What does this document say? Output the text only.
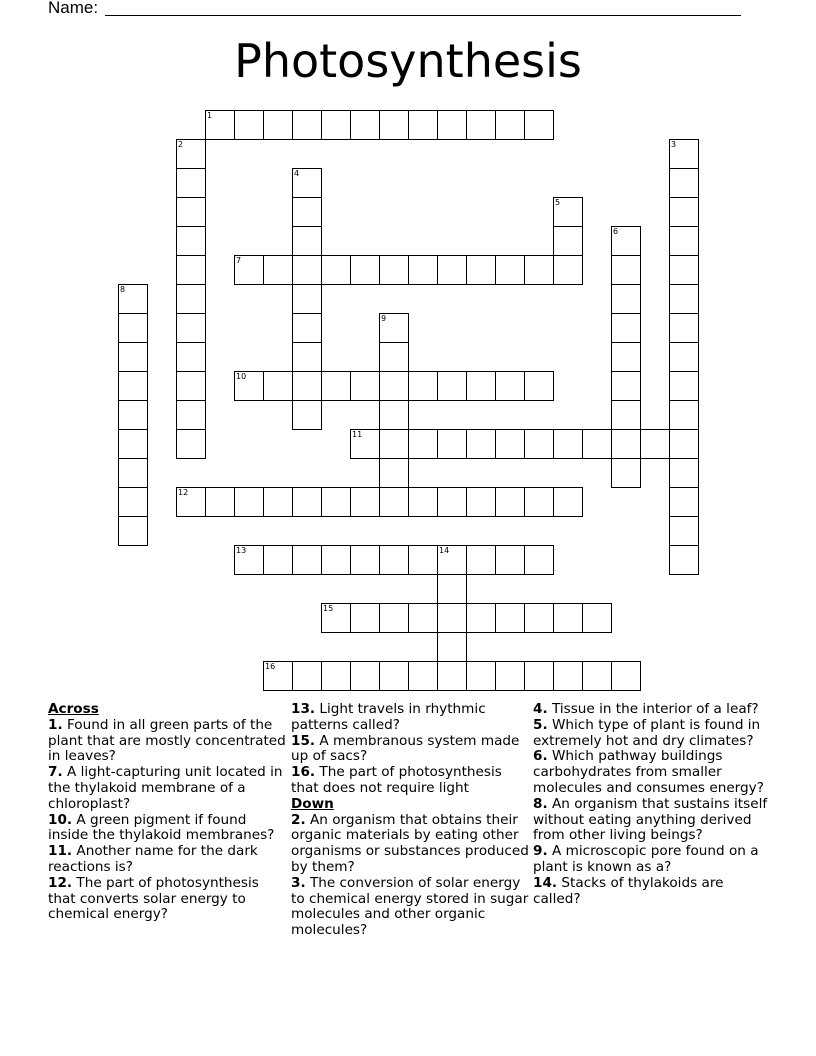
Name:
Photosynthesis
1
2	3
4
5
6
7
8
9
10
11
12
13	14
15
16

Across

1. Found in all green parts of the plant that are mostly concentrated in leaves?

7. A light-capturing unit located in the thylakoid membrane of a chloroplast?

10. A green pigment if found inside the thylakoid membranes?

11. Another name for the dark reactions is?

12. The part of photosynthesis that converts solar energy to chemical energy?

13. Light travels in rhythmic patterns called?

15. A membranous system made up of sacs?

16. The part of photosynthesis that does not require light

Down

2. An organism that obtains their organic materials by eating other organisms or substances produced by them?

3. The conversion of solar energy to chemical energy stored in sugar molecules and other organic molecules?

4. Tissue in the interior of a leaf?

5. Which type of plant is found in extremely hot and dry climates?

6. Which pathway buildings carbohydrates from smaller molecules and consumes energy?

8. An organism that sustains itself without eating anything derived from other living beings?

9. A microscopic pore found on a plant is known as a?

14. Stacks of thylakoids are called?
